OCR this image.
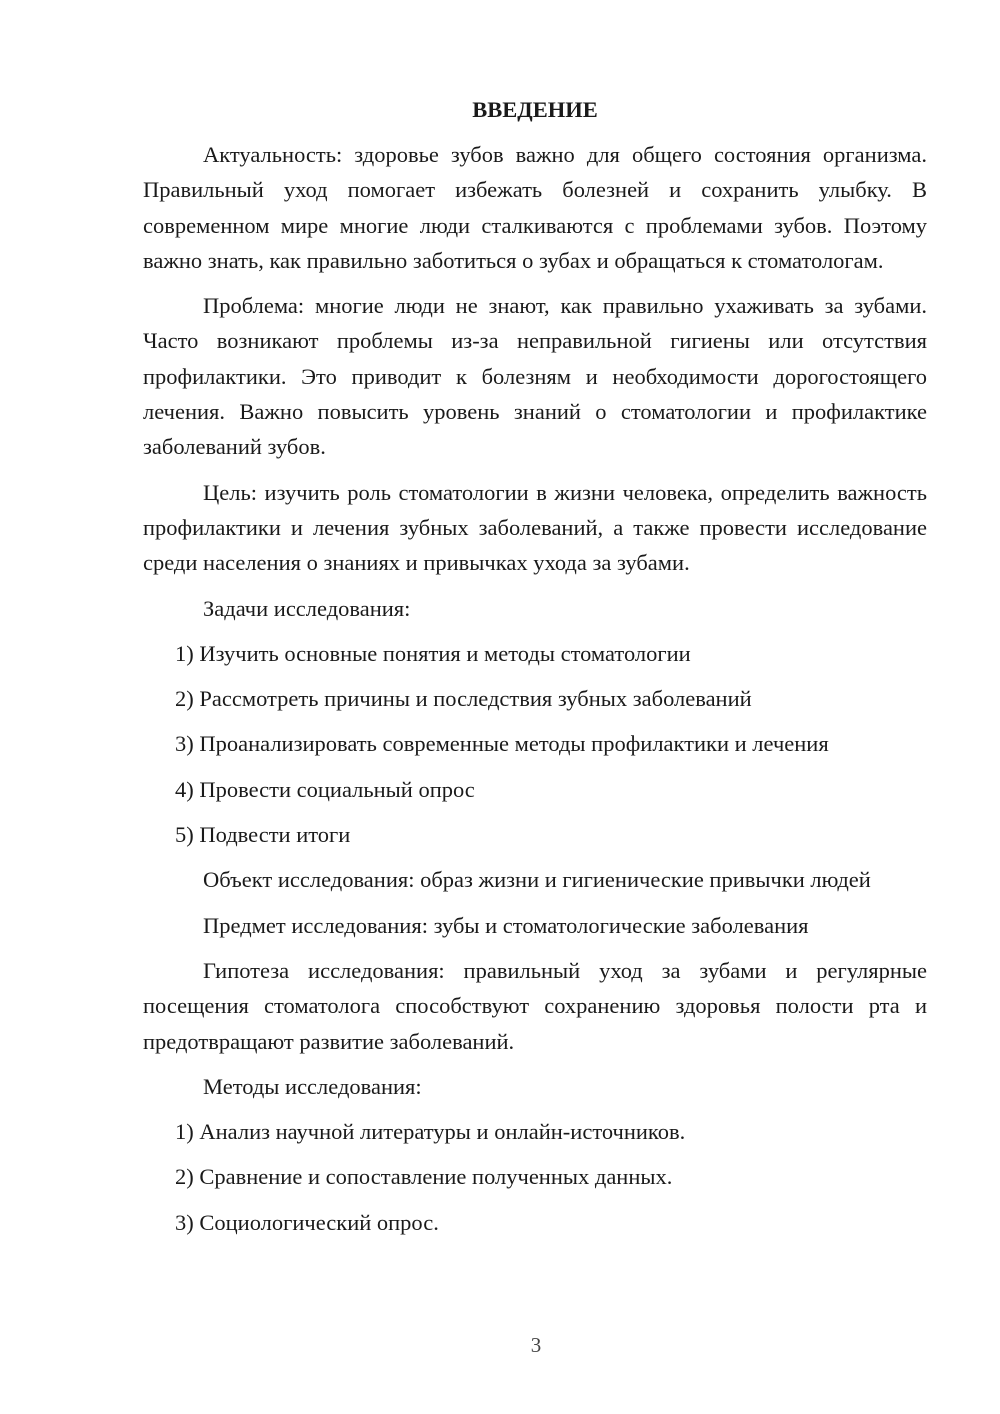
ВВЕДЕНИЕ

Актуальность: здоровье зубов важно для общего состояния организма. Правильный уход помогает избежать болезней и сохранить улыбку. В современном мире многие люди сталкиваются с проблемами зубов. Поэтому важно знать, как правильно заботиться о зубах и обращаться к стоматологам.

Проблема: многие люди не знают, как правильно ухаживать за зубами. Часто возникают проблемы из-за неправильной гигиены или отсутствия профилактики. Это приводит к болезням и необходимости дорогостоящего лечения. Важно повысить уровень знаний о стоматологии и профилактике заболеваний зубов.

Цель: изучить роль стоматологии в жизни человека, определить важность профилактики и лечения зубных заболеваний, а также провести исследование среди населения о знаниях и привычках ухода за зубами.

Задачи исследования:

1) Изучить основные понятия и методы стоматологии

2) Рассмотреть причины и последствия зубных заболеваний

3) Проанализировать современные методы профилактики и лечения

4) Провести социальный опрос

5) Подвести итоги

Объект исследования: образ жизни и гигиенические привычки людей

Предмет исследования: зубы и стоматологические заболевания

Гипотеза исследования: правильный уход за зубами и регулярные посещения стоматолога способствуют сохранению здоровья полости рта и предотвращают развитие заболеваний.

Методы исследования:

1) Анализ научной литературы и онлайн-источников.

2) Сравнение и сопоставление полученных данных.

3) Социологический опрос.

3
